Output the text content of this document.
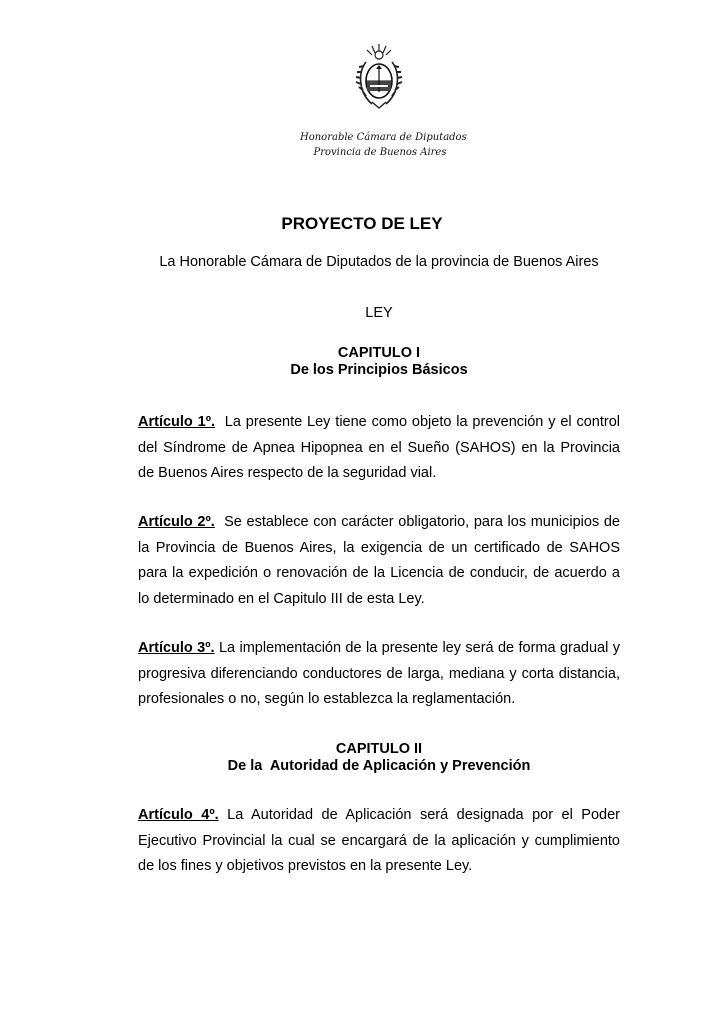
Honorable Cámara de Diputados
Provincia de Buenos Aires
PROYECTO DE LEY
La Honorable Cámara de Diputados de la provincia de Buenos Aires
LEY
CAPITULO I
De los Principios Básicos
Artículo 1º. La presente Ley tiene como objeto la prevención y el control del Síndrome de Apnea Hipopnea en el Sueño (SAHOS) en la Provincia de Buenos Aires respecto de la seguridad vial.
Artículo 2º. Se establece con carácter obligatorio, para los municipios de la Provincia de Buenos Aires, la exigencia de un certificado de SAHOS para la expedición o renovación de la Licencia de conducir, de acuerdo a lo determinado en el Capitulo III de esta Ley.
Artículo 3º. La implementación de la presente ley será de forma gradual y progresiva diferenciando conductores de larga, mediana y corta distancia, profesionales o no, según lo establezca la reglamentación.
CAPITULO II
De la  Autoridad de Aplicación y Prevención
Artículo 4º. La Autoridad de Aplicación será designada por el Poder Ejecutivo Provincial la cual se encargará de la aplicación y cumplimiento de los fines y objetivos previstos en la presente Ley.
